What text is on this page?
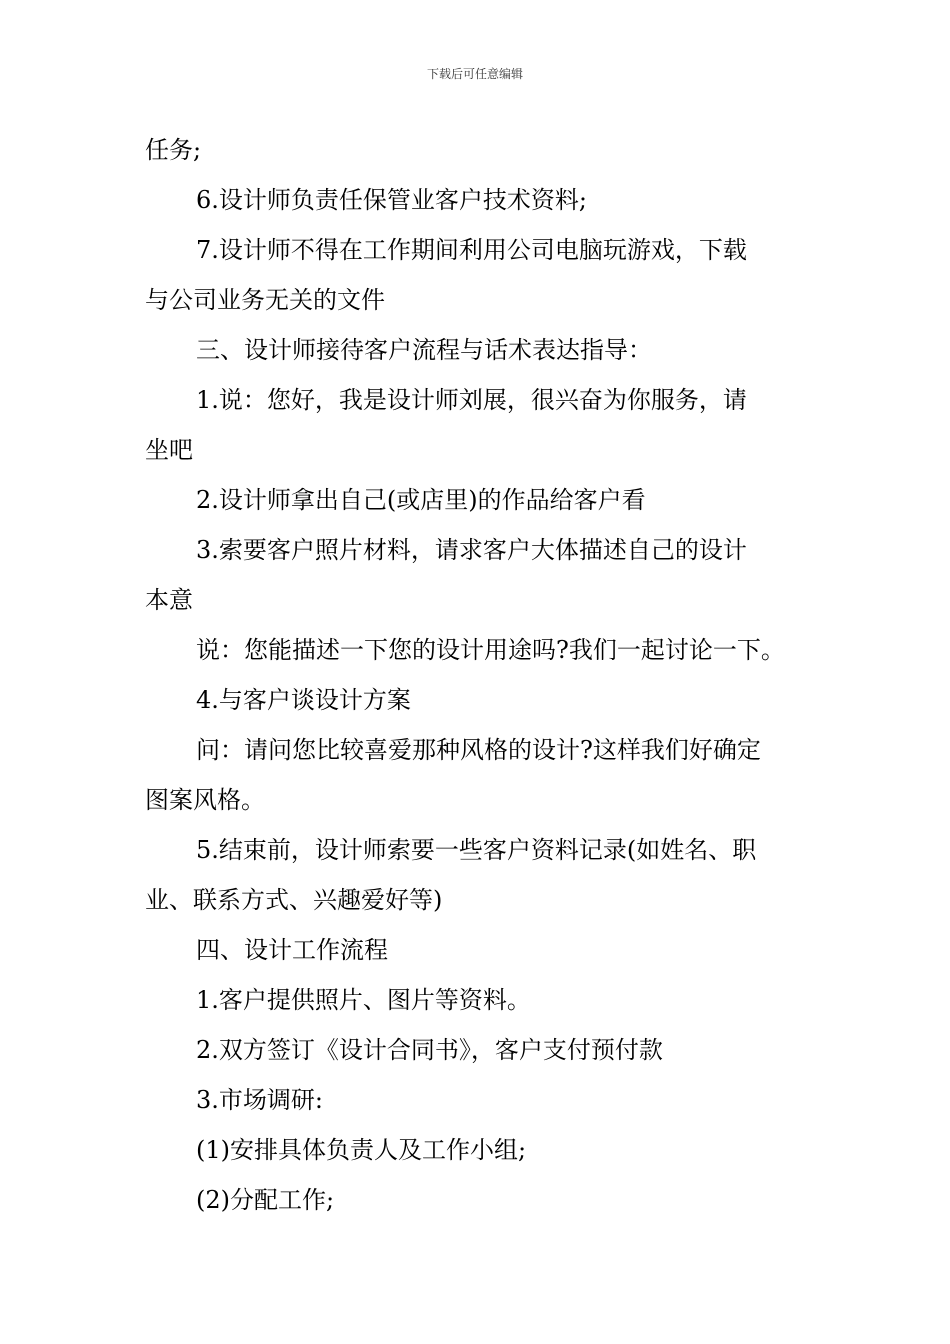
下载后可任意编辑
任务;
6.设计师负责任保管业客户技术资料;
7.设计师不得在工作期间利用公司电脑玩游戏，下载
与公司业务无关的文件
三、设计师接待客户流程与话术表达指导：
1.说：您好，我是设计师刘展，很兴奋为你服务，请
坐吧
2.设计师拿出自己(或店里)的作品给客户看
3.索要客户照片材料，请求客户大体描述自己的设计
本意
说：您能描述一下您的设计用途吗?我们一起讨论一下。
4.与客户谈设计方案
问：请问您比较喜爱那种风格的设计?这样我们好确定
图案风格。
5.结束前，设计师索要一些客户资料记录(如姓名、职
业、联系方式、兴趣爱好等)
四、设计工作流程
1.客户提供照片、图片等资料。
2.双方签订《设计合同书》，客户支付预付款
3.市场调研:
(1)安排具体负责人及工作小组;
(2)分配工作;
